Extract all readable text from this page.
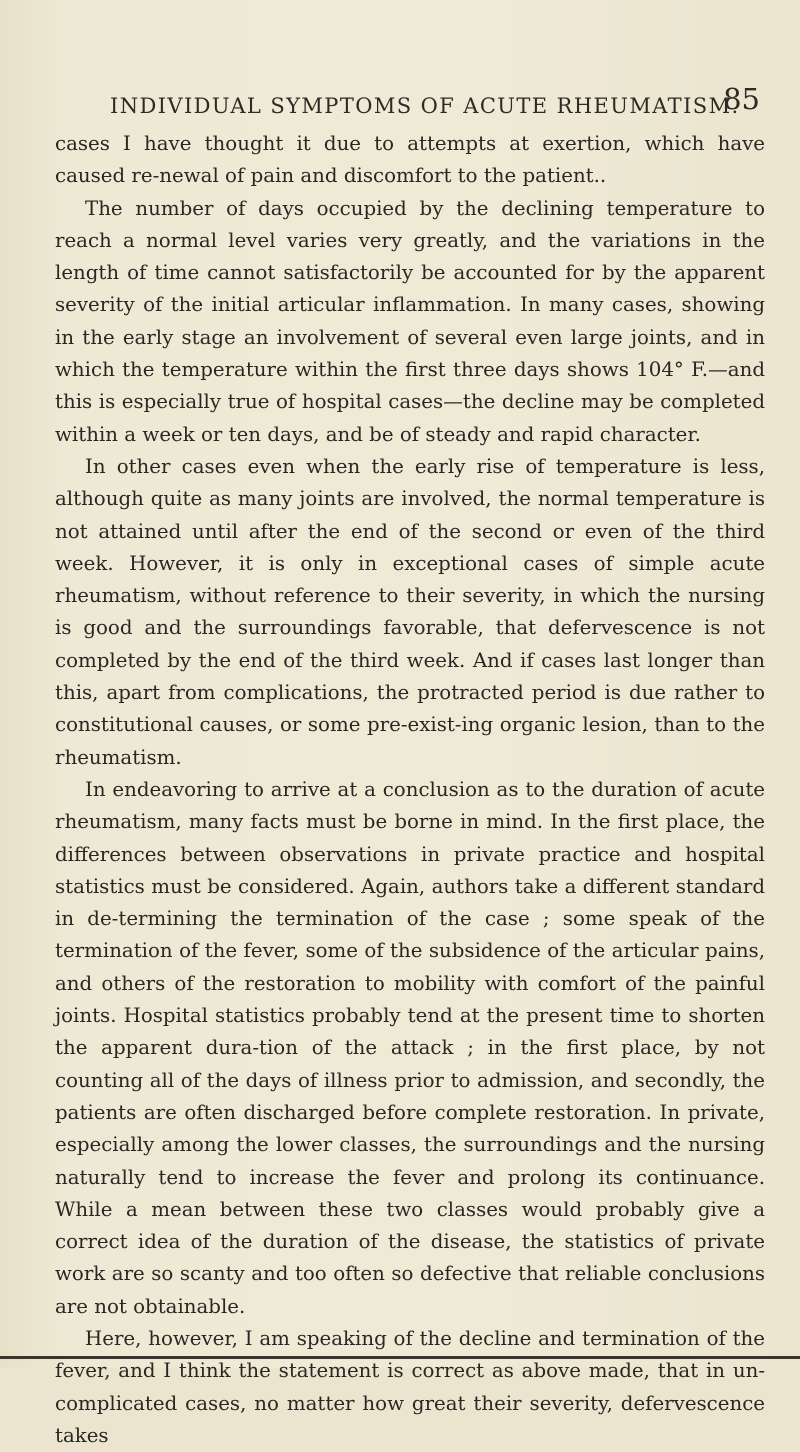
INDIVIDUAL SYMPTOMS OF ACUTE RHEUMATISM.
85

cases I have thought it due to attempts at exertion, which have caused re-newal of pain and discomfort to the patient..

The number of days occupied by the declining temperature to reach a normal level varies very greatly, and the variations in the length of time cannot satisfactorily be accounted for by the apparent severity of the initial articular inflammation. In many cases, showing in the early stage an involvement of several even large joints, and in which the temperature within the first three days shows 104° F.—and this is especially true of hospital cases—the decline may be completed within a week or ten days, and be of steady and rapid character.

In other cases even when the early rise of temperature is less, although quite as many joints are involved, the normal temperature is not attained until after the end of the second or even of the third week. However, it is only in exceptional cases of simple acute rheumatism, without reference to their severity, in which the nursing is good and the surroundings favorable, that defervescence is not completed by the end of the third week. And if cases last longer than this, apart from complications, the protracted period is due rather to constitutional causes, or some pre-exist-ing organic lesion, than to the rheumatism.

In endeavoring to arrive at a conclusion as to the duration of acute rheumatism, many facts must be borne in mind. In the first place, the differences between observations in private practice and hospital statistics must be considered. Again, authors take a different standard in de-termining the termination of the case ; some speak of the termination of the fever, some of the subsidence of the articular pains, and others of the restoration to mobility with comfort of the painful joints. Hospital statistics probably tend at the present time to shorten the apparent dura-tion of the attack ; in the first place, by not counting all of the days of illness prior to admission, and secondly, the patients are often discharged before complete restoration. In private, especially among the lower classes, the surroundings and the nursing naturally tend to increase the fever and prolong its continuance. While a mean between these two classes would probably give a correct idea of the duration of the disease, the statistics of private work are so scanty and too often so defective that reliable conclusions are not obtainable.

Here, however, I am speaking of the decline and termination of the fever, and I think the statement is correct as above made, that in un-complicated cases, no matter how great their severity, defervescence takes
